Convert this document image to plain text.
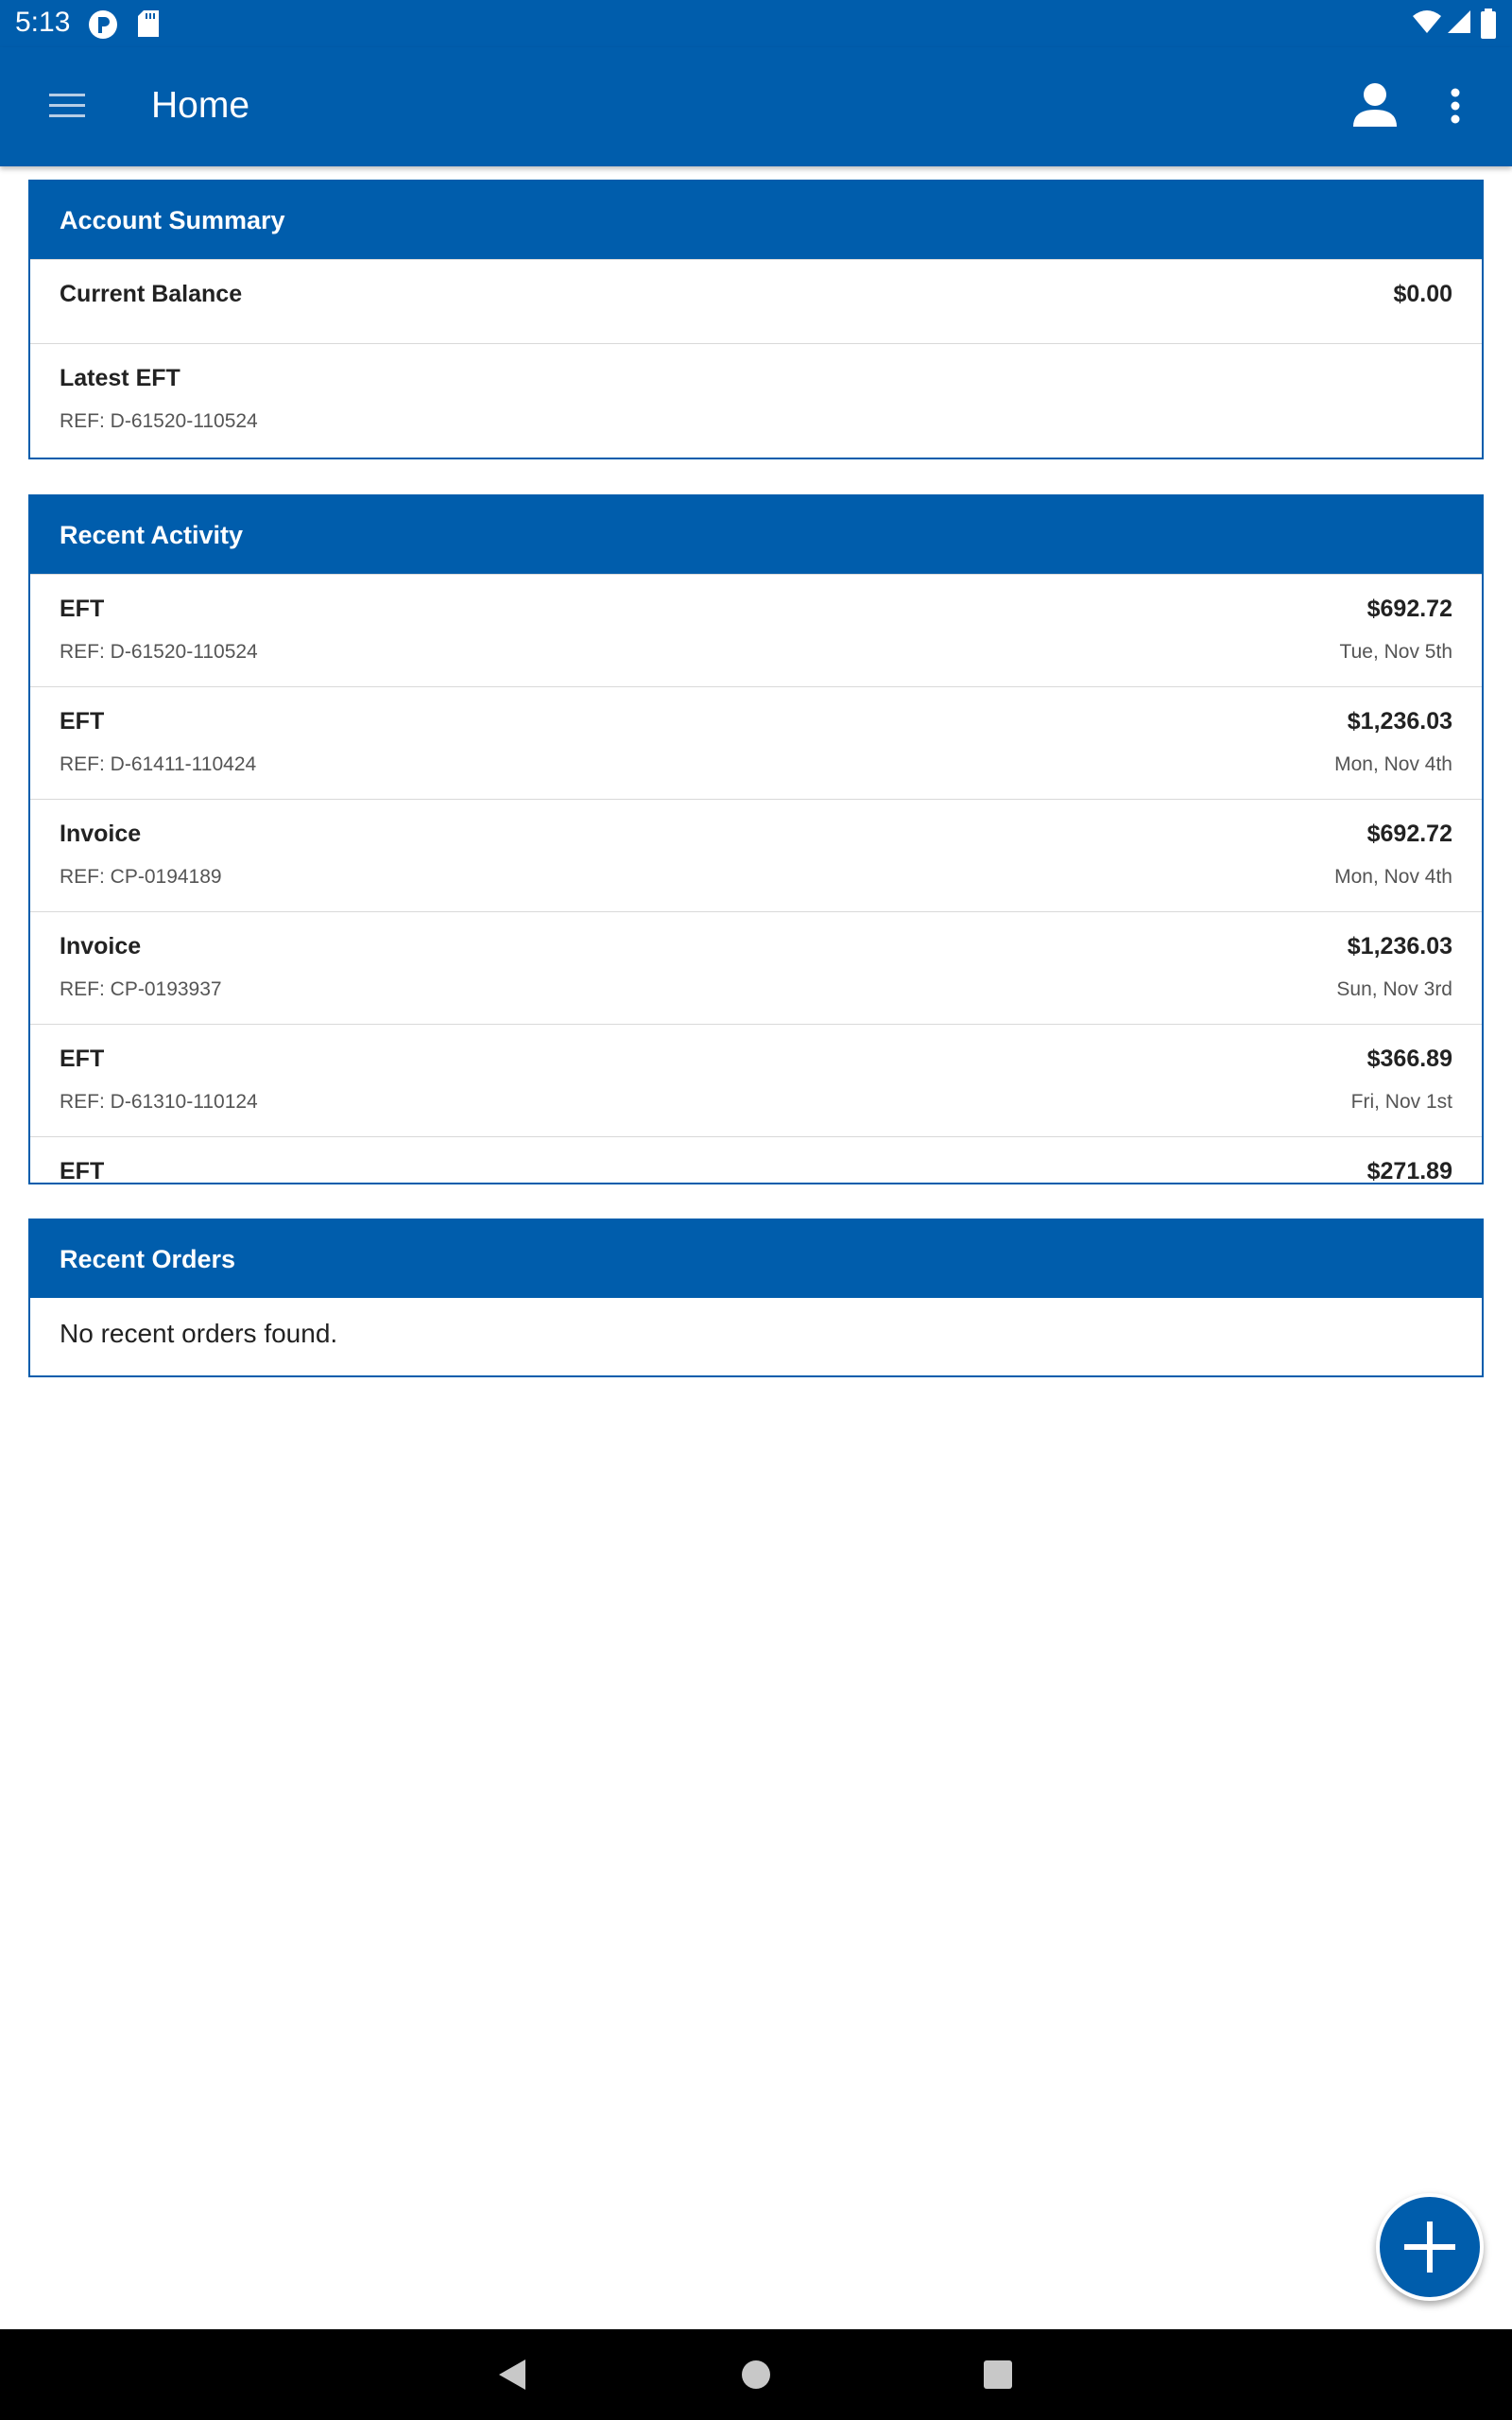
5:13
Home
Account Summary
Current Balance	$0.00
Latest EFT
REF: D-61520-110524
Recent Activity
EFT
REF: D-61520-110524
$692.72
Tue, Nov 5th
EFT
REF: D-61411-110424
$1,236.03
Mon, Nov 4th
Invoice
REF: CP-0194189
$692.72
Mon, Nov 4th
Invoice
REF: CP-0193937
$1,236.03
Sun, Nov 3rd
EFT
REF: D-61310-110124
$366.89
Fri, Nov 1st
EFT	$271.89
Recent Orders
No recent orders found.
